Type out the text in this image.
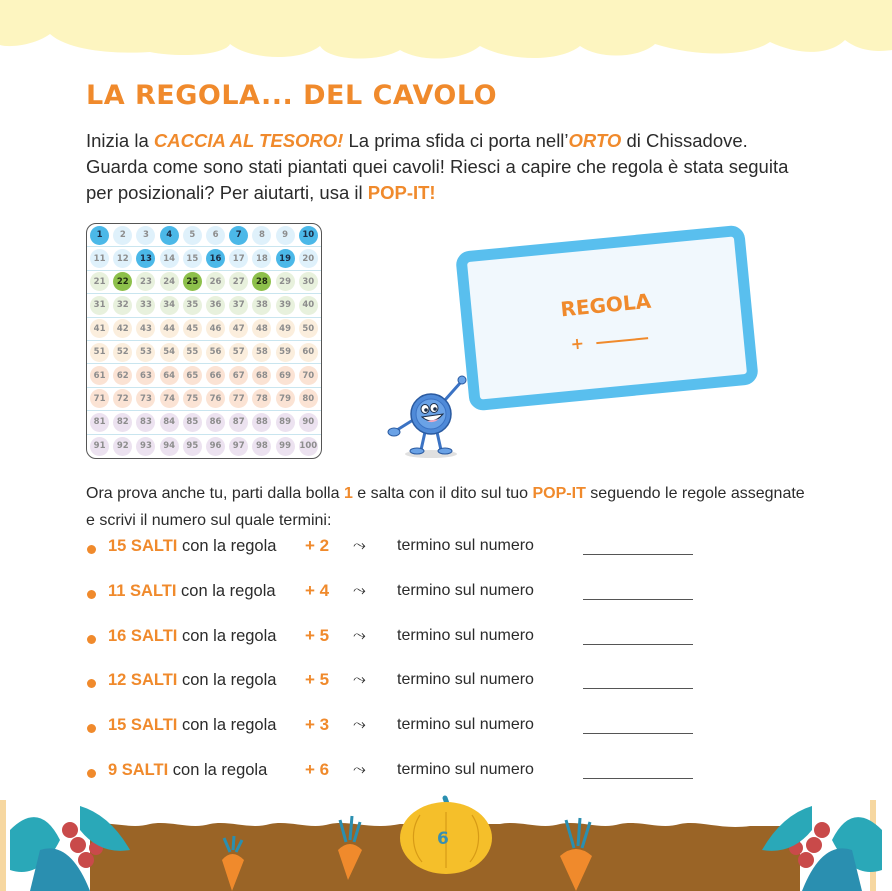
LA REGOLA... DEL CAVOLO
Inizia la CACCIA AL TESORO! La prima sfida ci porta nell’ORTO di Chissadove. Guarda come sono stati piantati quei cavoli! Riesci a capire che regola è stata seguita per posizionali? Per aiutarti, usa il POP-IT!
1	2	3	4	5	6	7	8	9	10
11	12	13	14	15	16	17	18	19	20
21	22	23	24	25	26	27	28	29	30
31	32	33	34	35	36	37	38	39	40
41	42	43	44	45	46	47	48	49	50
51	52	53	54	55	56	57	58	59	60
61	62	63	64	65	66	67	68	69	70
71	72	73	74	75	76	77	78	79	80
81	82	83	84	85	86	87	88	89	90
91	92	93	94	95	96	97	98	99 100
REGOLA
+
Ora prova anche tu, parti dalla bolla 1 e salta con il dito sul tuo POP-IT seguendo le regole assegnate e scrivi il numero sul quale termini:
15 SALTI con la regola + 2 ⤳ termino sul numero
11 SALTI con la regola + 4 ⤳ termino sul numero
16 SALTI con la regola + 5 ⤳ termino sul numero
12 SALTI con la regola + 5 ⤳ termino sul numero
15 SALTI con la regola + 3 ⤳ termino sul numero
9 SALTI con la regola + 6 ⤳ termino sul numero
6
